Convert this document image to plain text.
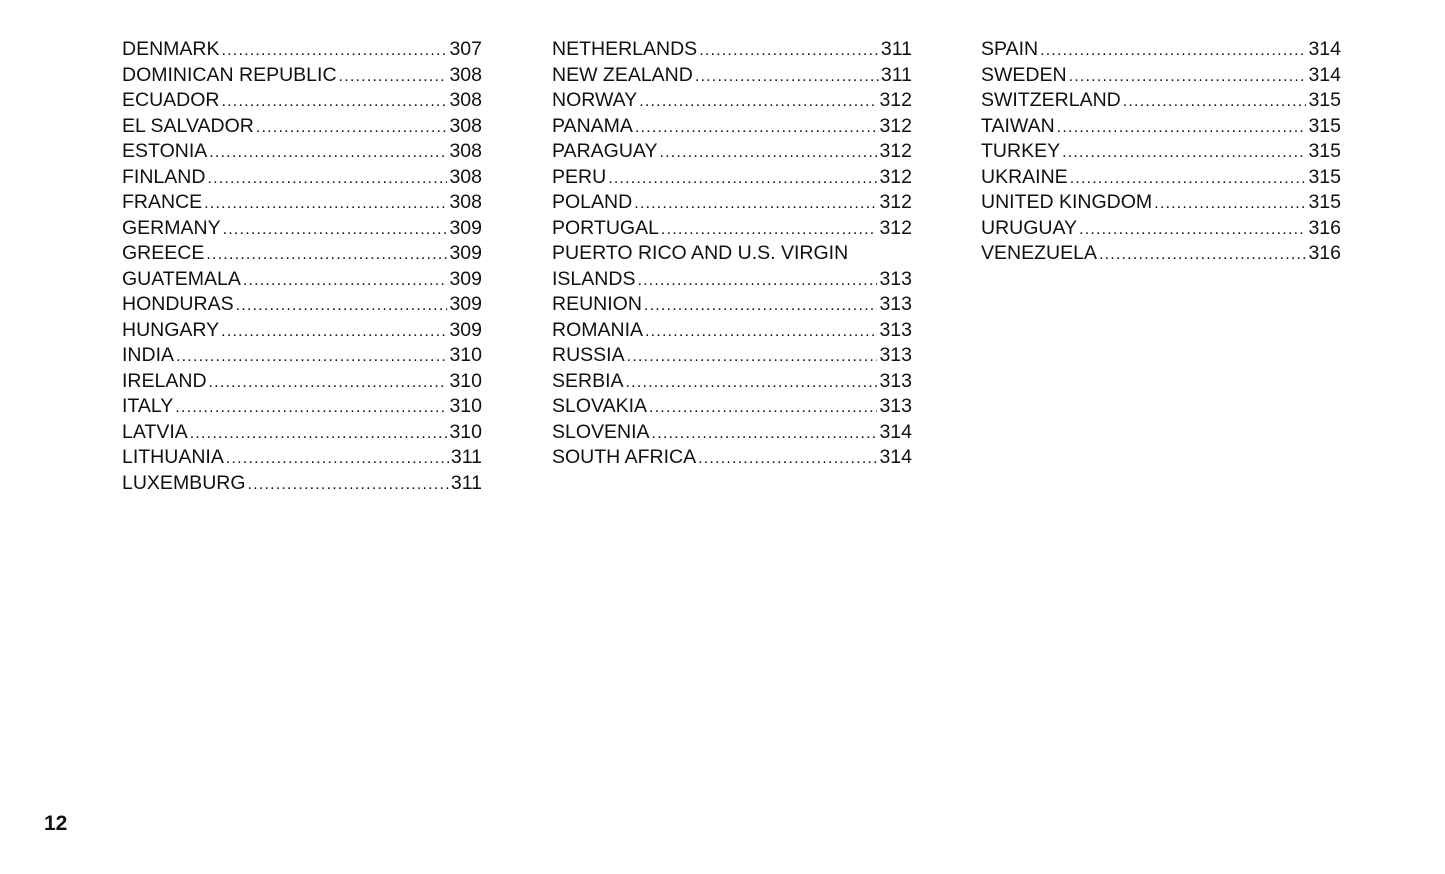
DENMARK .....	307
DOMINICAN REPUBLIC .....	308
ECUADOR .....	308
EL SALVADOR .....	308
ESTONIA .....	308
FINLAND .....	308
FRANCE .....	308
GERMANY .....	309
GREECE .....	309
GUATEMALA .....	309
HONDURAS .....	309
HUNGARY .....	309
INDIA .....	310
IRELAND .....	310
ITALY .....	310
LATVIA .....	310
LITHUANIA .....	311
LUXEMBURG .....	311
NETHERLANDS .....	311
NEW ZEALAND .....	311
NORWAY .....	312
PANAMA .....	312
PARAGUAY .....	312
PERU .....	312
POLAND .....	312
PORTUGAL .....	312
PUERTO RICO AND U.S. VIRGIN
ISLANDS .....	313
REUNION .....	313
ROMANIA .....	313
RUSSIA .....	313
SERBIA .....	313
SLOVAKIA .....	313
SLOVENIA .....	314
SOUTH AFRICA .....	314
SPAIN .....	314
SWEDEN .....	314
SWITZERLAND .....	315
TAIWAN .....	315
TURKEY .....	315
UKRAINE .....	315
UNITED KINGDOM .....	315
URUGUAY .....	316
VENEZUELA .....	316
12
